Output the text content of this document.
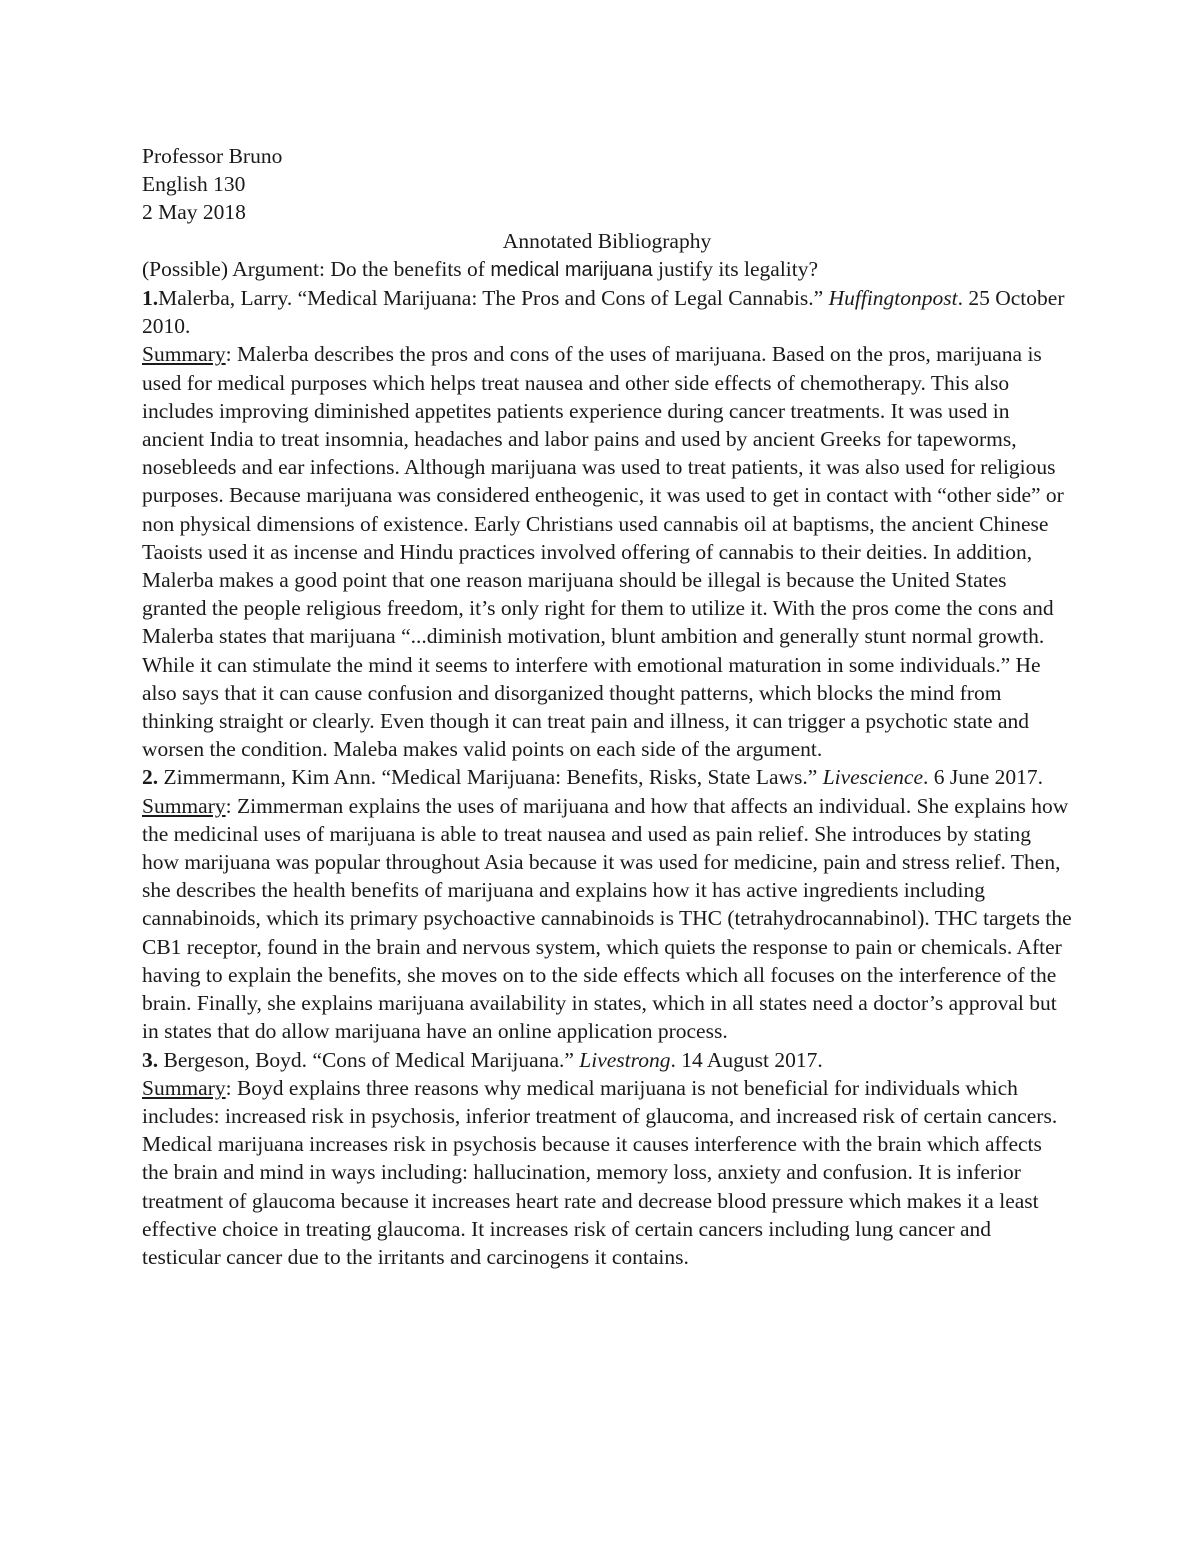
Professor Bruno
English 130
2 May 2018
Annotated Bibliography

(Possible) Argument: Do the benefits of medical marijuana justify its legality?

1.Malerba, Larry. “Medical Marijuana: The Pros and Cons of Legal Cannabis.” Huffingtonpost. 25 October 2010.

Summary: Malerba describes the pros and cons of the uses of marijuana. Based on the pros, marijuana is used for medical purposes which helps treat nausea and other side effects of chemotherapy. This also includes improving diminished appetites patients experience during cancer treatments. It was used in ancient India to treat insomnia, headaches and labor pains and used by ancient Greeks for tapeworms, nosebleeds and ear infections. Although marijuana was used to treat patients, it was also used for religious purposes. Because marijuana was considered entheogenic, it was used to get in contact with “other side” or non physical dimensions of existence. Early Christians used cannabis oil at baptisms, the ancient Chinese Taoists used it as incense and Hindu practices involved offering of cannabis to their deities. In addition, Malerba makes a good point that one reason marijuana should be illegal is because the United States granted the people religious freedom, it’s only right for them to utilize it. With the pros come the cons and Malerba states that marijuana “...diminish motivation, blunt ambition and generally stunt normal growth. While it can stimulate the mind it seems to interfere with emotional maturation in some individuals.” He also says that it can cause confusion and disorganized thought patterns, which blocks the mind from thinking straight or clearly. Even though it can treat pain and illness, it can trigger a psychotic state and worsen the condition. Maleba makes valid points on each side of the argument.

2. Zimmermann, Kim Ann. “Medical Marijuana: Benefits, Risks, State Laws.” Livescience. 6 June 2017.

Summary: Zimmerman explains the uses of marijuana and how that affects an individual. She explains how the medicinal uses of marijuana is able to treat nausea and used as pain relief. She introduces by stating how marijuana was popular throughout Asia because it was used for medicine, pain and stress relief. Then, she describes the health benefits of marijuana and explains how it has active ingredients including cannabinoids, which its primary psychoactive cannabinoids is THC (tetrahydrocannabinol). THC targets the CB1 receptor, found in the brain and nervous system, which quiets the response to pain or chemicals. After having to explain the benefits, she moves on to the side effects which all focuses on the interference of the brain. Finally, she explains marijuana availability in states, which in all states need a doctor’s approval but in states that do allow marijuana have an online application process.

3. Bergeson, Boyd. “Cons of Medical Marijuana.” Livestrong. 14 August 2017.

Summary: Boyd explains three reasons why medical marijuana is not beneficial for individuals which includes: increased risk in psychosis, inferior treatment of glaucoma, and increased risk of certain cancers. Medical marijuana increases risk in psychosis because it causes interference with the brain which affects the brain and mind in ways including: hallucination, memory loss, anxiety and confusion. It is inferior treatment of glaucoma because it increases heart rate and decrease blood pressure which makes it a least effective choice in treating glaucoma. It increases risk of certain cancers including lung cancer and testicular cancer due to the irritants and carcinogens it contains.
